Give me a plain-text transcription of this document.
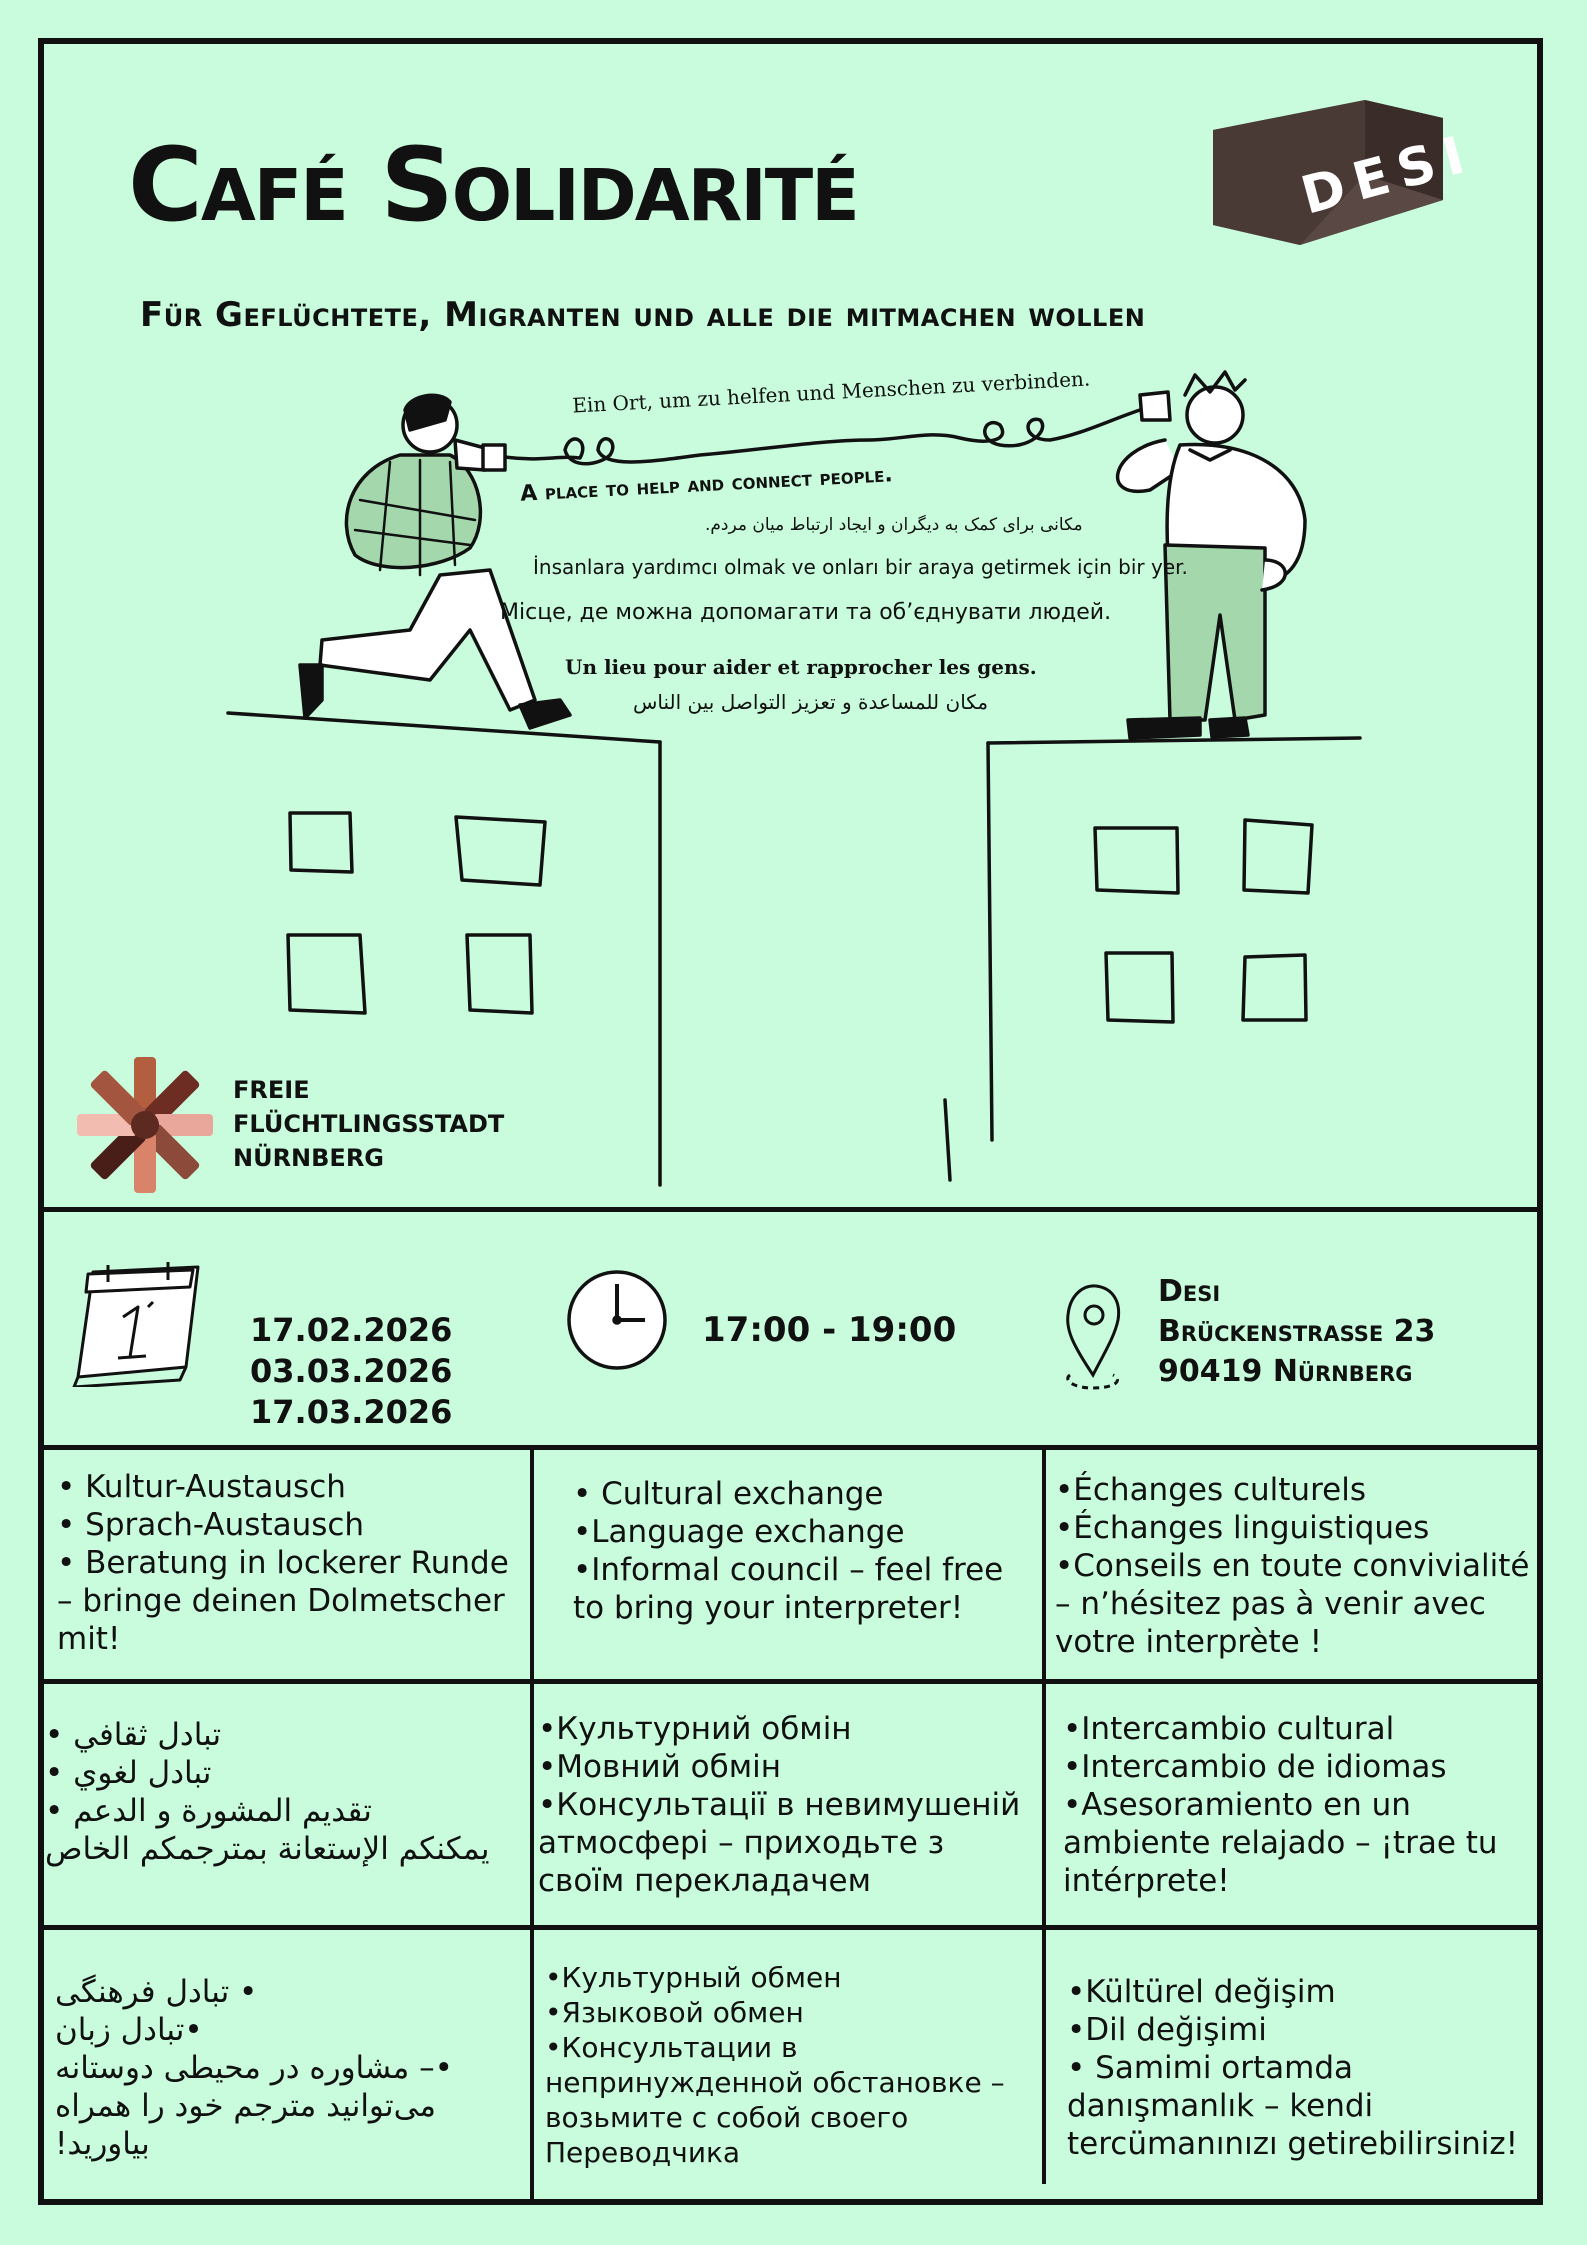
Café Solidarité	DESI
Für Geflüchtete, Migranten und alle die mitmachen wollen

Ein Ort, um zu helfen und Menschen zu verbinden.

A place to help and connect people.

مکانی برای کمک به دیگران و ایجاد ارتباط میان مردم.

İnsanlara yardımcı olmak ve onları bir araya getirmek için bir yer.

Місце, де можна допомагати та об’єднувати людей.

Un lieu pour aider et rapprocher les gens.

مكان للمساعدة و تعزيز التواصل بين الناس

FREIE
FLÜCHTLINGSSTADT
NÜRNBERG
17.02.2026
03.03.2026
17.03.2026
17:00 - 19:00
Desi
Brückenstraße 23
90419 Nürnberg
• Kultur-Austausch
• Sprach-Austausch
• Beratung in lockerer Runde – bringe deinen Dolmetscher mit!
• Cultural exchange
•Language exchange
•Informal council – feel free to bring your interpreter!
•Échanges culturels
•Échanges linguistiques
•Conseils en toute convivialité – n’hésitez pas à venir avec votre interprète !
تبادل ثقافي •
تبادل لغوي •
تقديم المشورة و الدعم •
يمكنكم الإستعانة بمترجمكم الخاص
•Культурний обмін
•Мовний обмін
•Консультації в невимушеній атмосфері – приходьте з своїм перекладачем
•Intercambio cultural
•Intercambio de idiomas
•Asesoramiento en un ambiente relajado – ¡trae tu intérprete!
• تبادل فرهنگی
•تبادل زبان
•– مشاوره در محیطی دوستانه می‌توانید مترجم خود را همراه بیاورید!
•Культурный обмен
•Языковой обмен
•Консультации в непринужденной обстановке – возьмите с собой своего Переводчика
•Kültürel değişim
•Dil değişimi
• Samimi ortamda danışmanlık – kendi tercümanınızı getirebilirsiniz!
